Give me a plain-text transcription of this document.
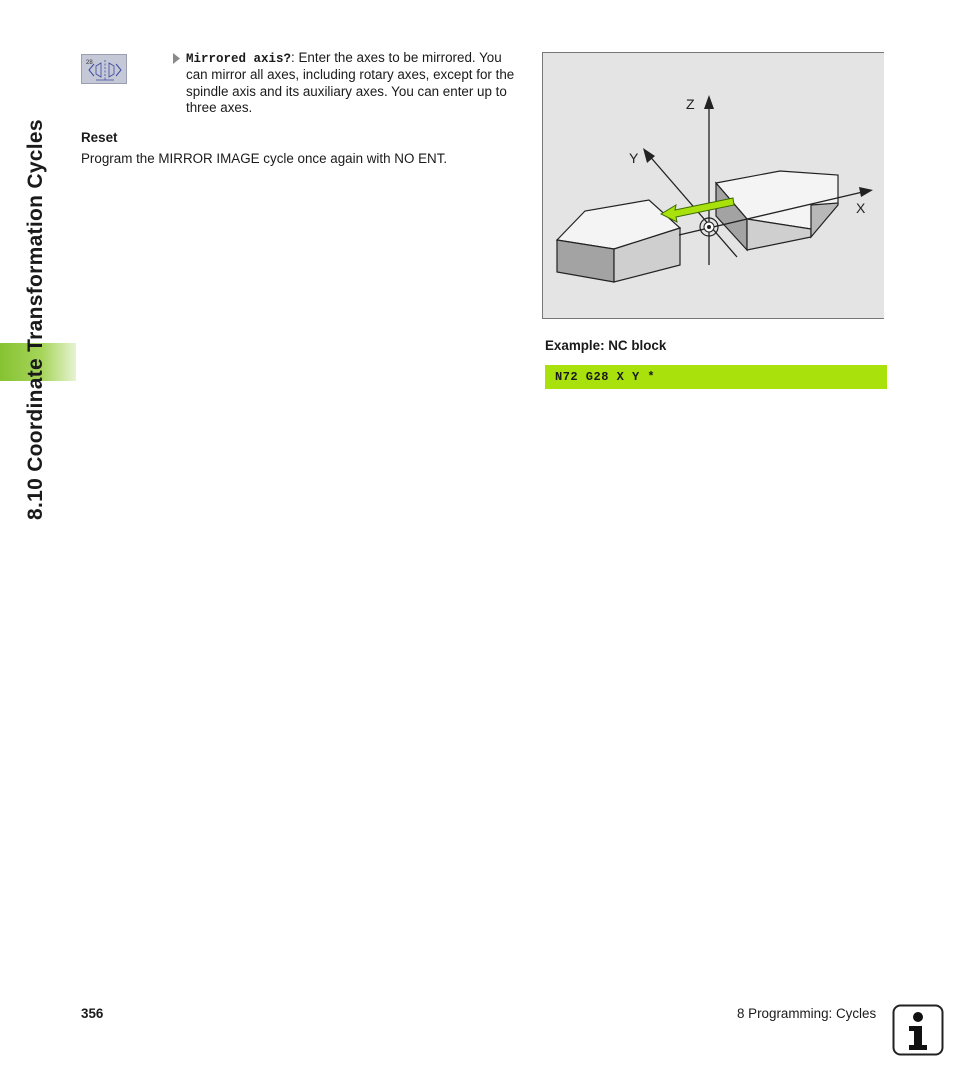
8.10 Coordinate Transformation Cycles
28	Mirrored axis?: Enter the axes to be mirrored. You can mirror all axes, including rotary axes, except for the spindle axis and its auxiliary axes. You can enter up to three axes.
Reset
Program the MIRROR IMAGE cycle once again with NO ENT.
Z
Y
X
Example: NC block
N72 G28 X Y *
356	8 Programming: Cycles
